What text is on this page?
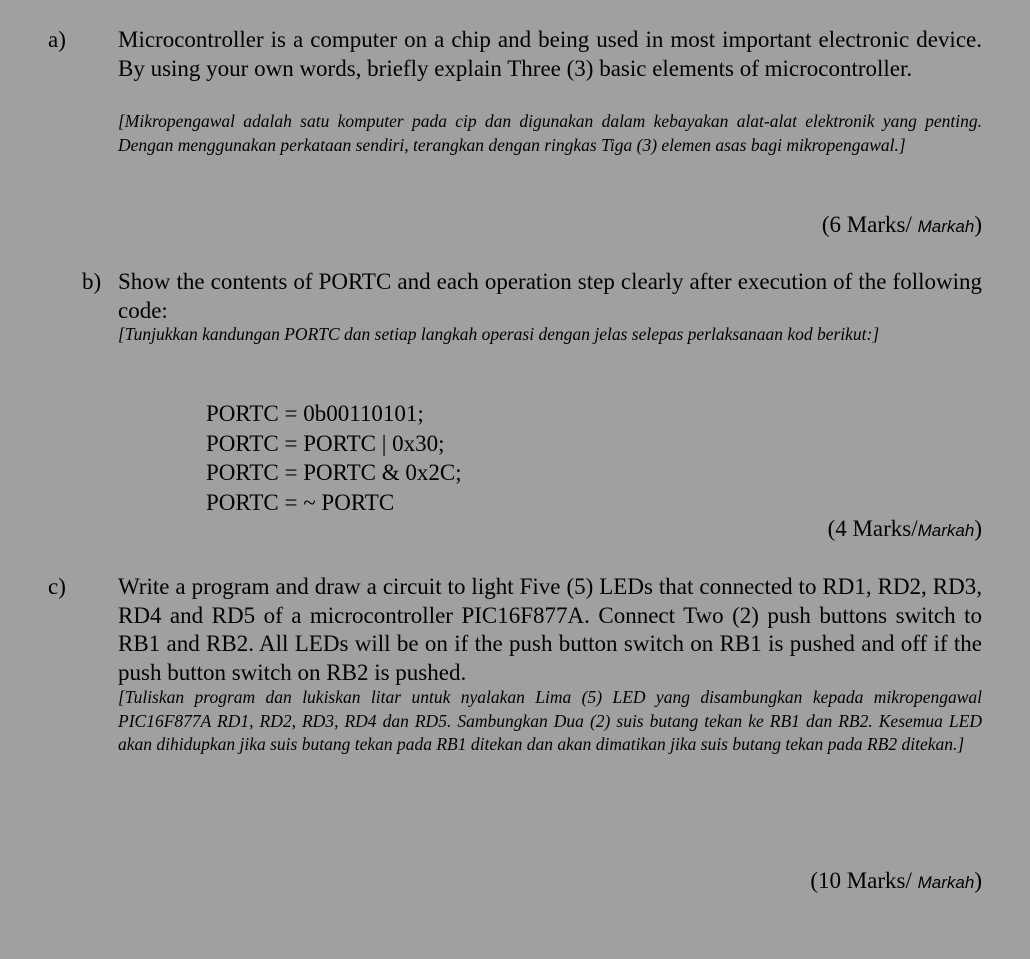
a) Microcontroller is a computer on a chip and being used in most important electronic device. By using your own words, briefly explain Three (3) basic elements of microcontroller.
[Mikropengawal adalah satu komputer pada cip dan digunakan dalam kebayakan alat-alat elektronik yang penting. Dengan menggunakan perkataan sendiri, terangkan dengan ringkas Tiga (3) elemen asas bagi mikropengawal.]
(6 Marks/ Markah)
b) Show the contents of PORTC and each operation step clearly after execution of the following code:
[Tunjukkan kandungan PORTC dan setiap langkah operasi dengan jelas selepas perlaksanaan kod berikut:]
PORTC = 0b00110101;
PORTC = PORTC | 0x30;
PORTC = PORTC & 0x2C;
PORTC = ~ PORTC
(4 Marks/Markah)
c) Write a program and draw a circuit to light Five (5) LEDs that connected to RD1, RD2, RD3, RD4 and RD5 of a microcontroller PIC16F877A. Connect Two (2) push buttons switch to RB1 and RB2. All LEDs will be on if the push button switch on RB1 is pushed and off if the push button switch on RB2 is pushed.
[Tuliskan program dan lukiskan litar untuk nyalakan Lima (5) LED yang disambungkan kepada mikropengawal PIC16F877A RD1, RD2, RD3, RD4 dan RD5. Sambungkan Dua (2) suis butang tekan ke RB1 dan RB2. Kesemua LED akan dihidupkan jika suis butang tekan pada RB1 ditekan dan akan dimatikan jika suis butang tekan pada RB2 ditekan.]
(10 Marks/ Markah)
